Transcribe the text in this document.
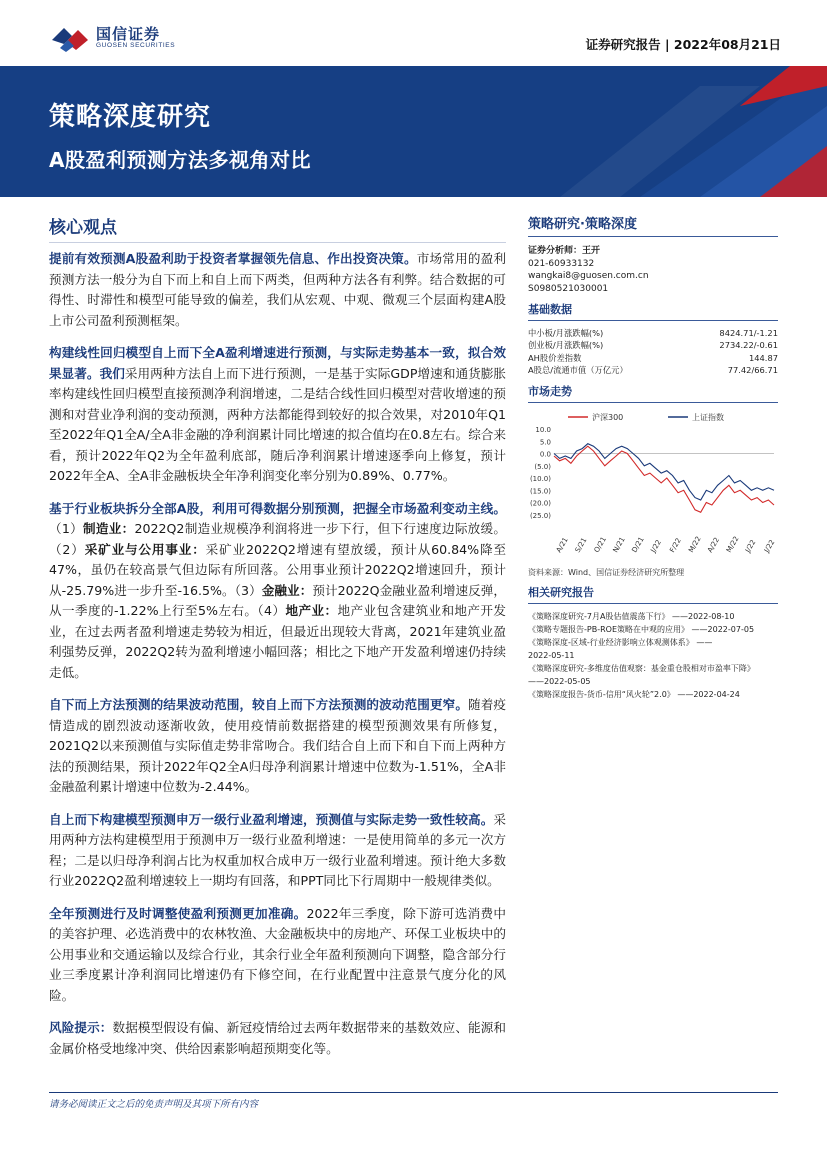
国信证券
GUOSEN SECURITIES	证券研究报告 | 2022年08月21日
策略深度研究
A股盈利预测方法多视角对比
核心观点

提前有效预测A股盈利助于投资者掌握领先信息、作出投资决策。市场常用的盈利预测方法一般分为自下而上和自上而下两类，但两种方法各有利弊。结合数据的可得性、时滞性和模型可能导致的偏差，我们从宏观、中观、微观三个层面构建A股上市公司盈利预测框架。

构建线性回归模型自上而下全A盈利增速进行预测，与实际走势基本一致，拟合效果显著。我们采用两种方法自上而下进行预测，一是基于实际GDP增速和通货膨胀率构建线性回归模型直接预测净利润增速，二是结合线性回归模型对营收增速的预测和对营业净利润的变动预测，两种方法都能得到较好的拟合效果，对2010年Q1至2022年Q1全A/全A非金融的净利润累计同比增速的拟合值均在0.8左右。综合来看，预计2022年Q2为全年盈利底部，随后净利润累计增速逐季向上修复，预计2022年全A、全A非金融板块全年净利润变化率分别为0.89%、0.77%。

基于行业板块拆分全部A股，利用可得数据分别预测，把握全市场盈利变动主线。（1）制造业：2022Q2制造业规模净利润将进一步下行，但下行速度边际放缓。（2）采矿业与公用事业：采矿业2022Q2增速有望放缓，预计从60.84%降至47%，虽仍在较高景气但边际有所回落。公用事业预计2022Q2增速回升，预计从-25.79%进一步升至-16.5%。（3）金融业：预计2022Q金融业盈利增速反弹，从一季度的-1.22%上行至5%左右。（4）地产业：地产业包含建筑业和地产开发业，在过去两者盈利增速走势较为相近，但最近出现较大背离，2021年建筑业盈利强势反弹，2022Q2转为盈利增速小幅回落；相比之下地产开发盈利增速仍持续走低。

自下而上方法预测的结果波动范围，较自上而下方法预测的波动范围更窄。随着疫情造成的剧烈波动逐渐收敛，使用疫情前数据搭建的模型预测效果有所修复，2021Q2以来预测值与实际值走势非常吻合。我们结合自上而下和自下而上两种方法的预测结果，预计2022年Q2全A归母净利润累计增速中位数为-1.51%，全A非金融盈利累计增速中位数为-2.44%。

自上而下构建模型预测申万一级行业盈利增速，预测值与实际走势一致性较高。采用两种方法构建模型用于预测申万一级行业盈利增速：一是使用简单的多元一次方程；二是以归母净利润占比为权重加权合成申万一级行业盈利增速。预计绝大多数行业2022Q2盈利增速较上一期均有回落，和PPT同比下行周期中一般规律类似。

全年预测进行及时调整使盈利预测更加准确。2022年三季度，除下游可选消费中的美容护理、必选消费中的农林牧渔、大金融板块中的房地产、环保工业板块中的公用事业和交通运输以及综合行业，其余行业全年盈利预测向下调整，隐含部分行业三季度累计净利润同比增速仍有下修空间，在行业配置中注意景气度分化的风险。

风险提示：数据模型假设有偏、新冠疫情给过去两年数据带来的基数效应、能源和金属价格受地缘冲突、供给因素影响超预期变化等。

策略研究·策略深度
证券分析师：王开
021-60933132
wangkai8@guosen.com.cn
S0980521030001
基础数据
中小板/月涨跌幅(%)	8424.71/-1.21
创业板/月涨跌幅(%)	2734.22/-0.61
AH股价差指数	144.87
A股总/流通市值（万亿元）	77.42/66.71
市场走势
沪深300	上证指数
10.0
5.0
0.0
(5.0)
(10.0)
(15.0)
(20.0)
(25.0)
A/21 S/21 O/21 N/21 D/21 J/22 F/22 M/22 A/22 M/22 J/22 J/22
资料来源：Wind、国信证券经济研究所整理
相关研究报告
《策略深度研究-7月A股估值震荡下行》 ——2022-08-10
《策略专题报告-PB-ROE策略在中观的应用》 ——2022-07-05
《策略深度-区域-行业经济影响立体观测体系》 ——
2022-05-11
《策略深度研究-多维度估值观察：基金重仓股相对市盈率下降》
——2022-05-05
《策略深度报告-货币-信用“风火轮”2.0》 ——2022-04-24
请务必阅读正文之后的免责声明及其项下所有内容
